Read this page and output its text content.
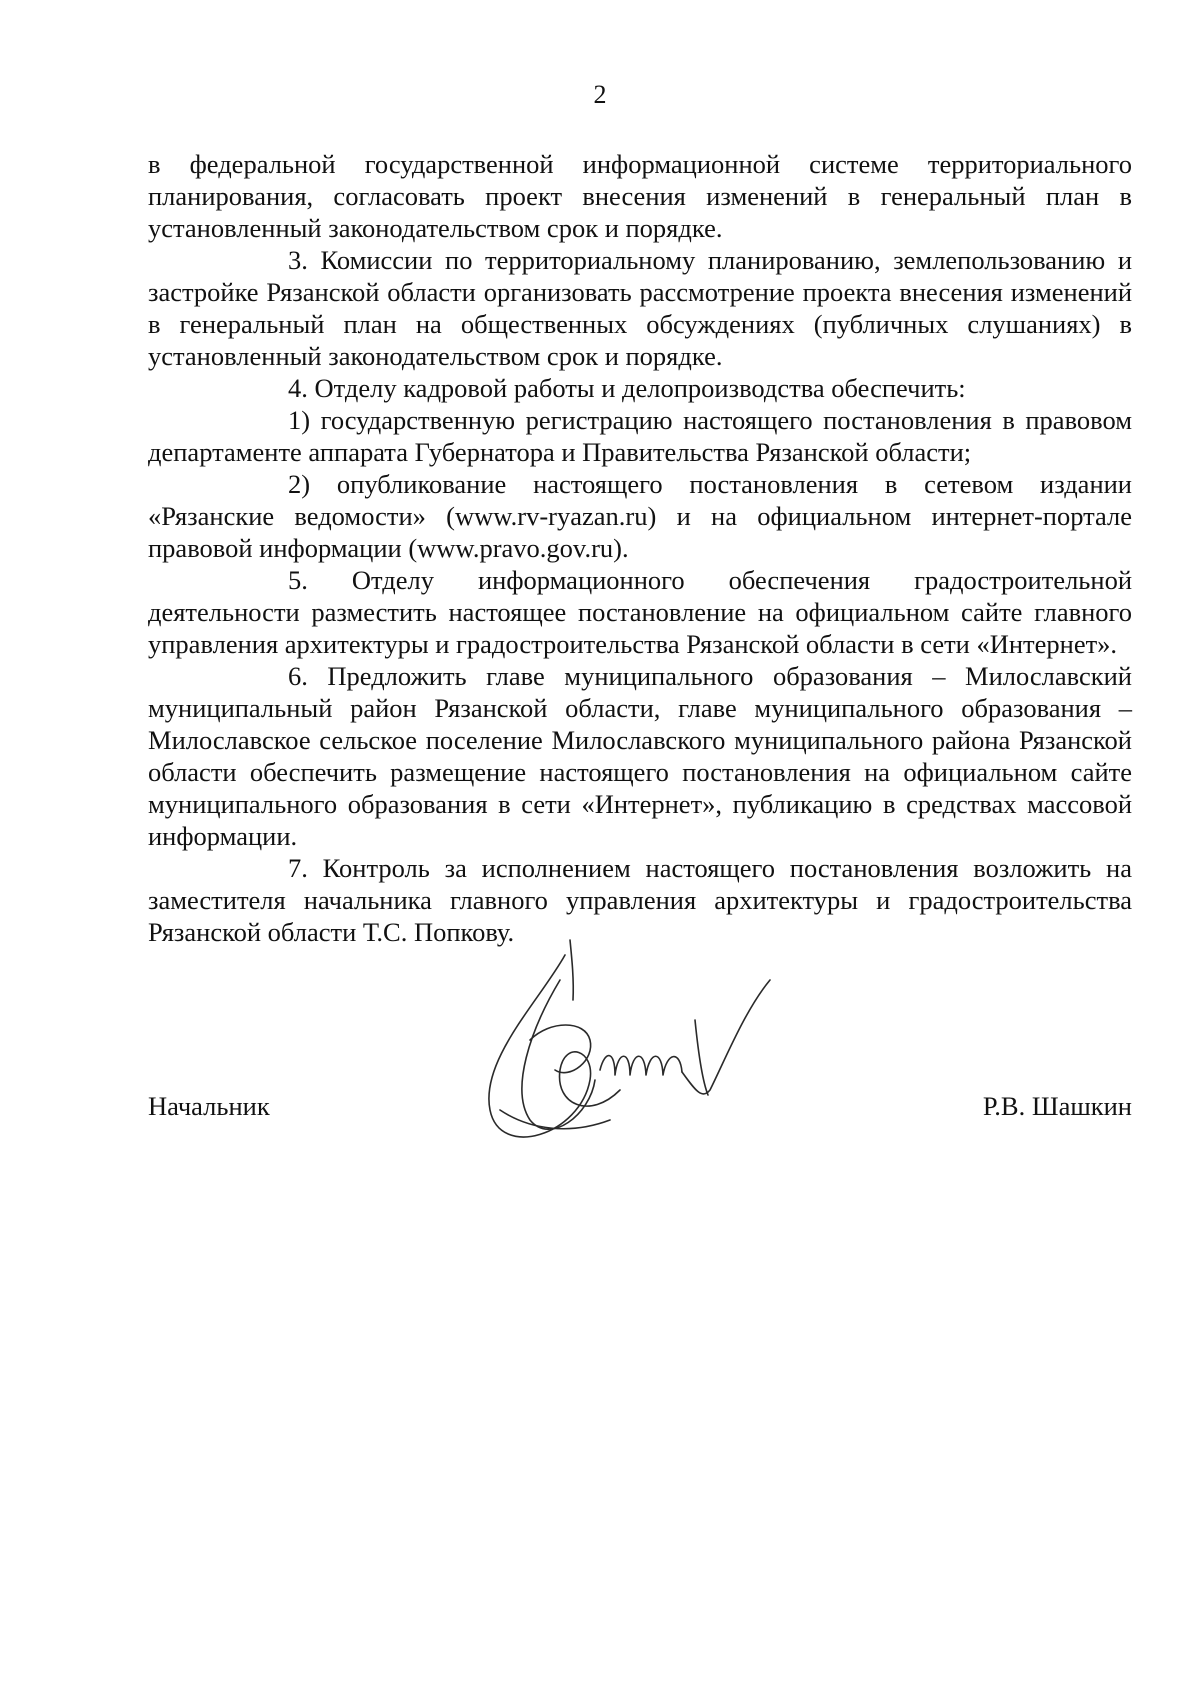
2

в федеральной государственной информационной системе территориального планирования, согласовать проект внесения изменений в генеральный план в установленный законодательством срок и порядке.

3. Комиссии по территориальному планированию, землепользованию и застройке Рязанской области организовать рассмотрение проекта внесения изменений в генеральный план на общественных обсуждениях (публичных слушаниях) в установленный законодательством срок и порядке.

4. Отделу кадровой работы и делопроизводства обеспечить:

1) государственную регистрацию настоящего постановления в правовом департаменте аппарата Губернатора и Правительства Рязанской области;

2) опубликование настоящего постановления в сетевом издании «Рязанские ведомости» (www.rv-ryazan.ru) и на официальном интернет-портале правовой информации (www.pravo.gov.ru).

5. Отделу информационного обеспечения градостроительной деятельности разместить настоящее постановление на официальном сайте главного управления архитектуры и градостроительства Рязанской области в сети «Интернет».

6. Предложить главе муниципального образования – Милославский муниципальный район Рязанской области, главе муниципального образования – Милославское сельское поселение Милославского муниципального района Рязанской области обеспечить размещение настоящего постановления на официальном сайте муниципального образования в сети «Интернет», публикацию в средствах массовой информации.

7. Контроль за исполнением настоящего постановления возложить на заместителя начальника главного управления архитектуры и градостроительства Рязанской области Т.С. Попкову.

Начальник	Р.В. Шашкин
